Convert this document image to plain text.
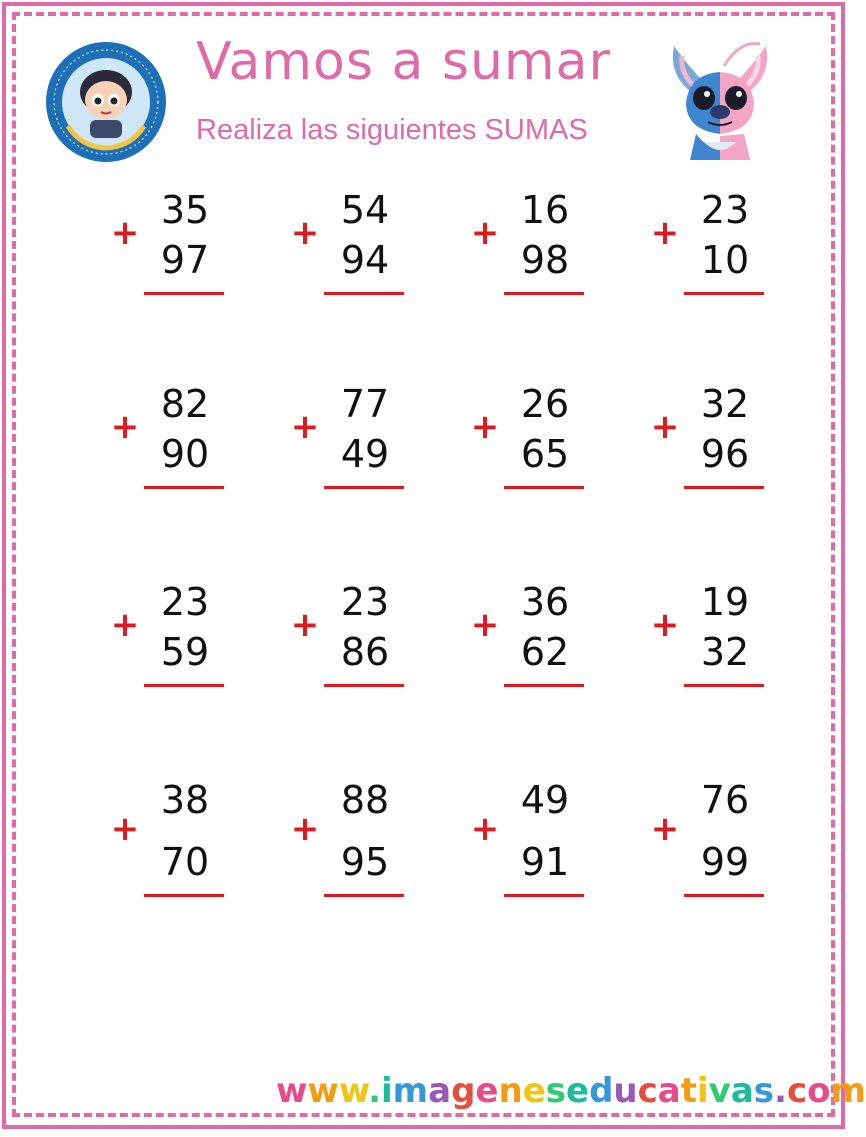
Vamos a sumar
Realiza las siguientes SUMAS
+
35
97
+
54
94
+
16
98
+
23
10
+
82
90
+
77
49
+
26
65
+
32
96
+
23
59
+
23
86
+
36
62
+
19
32
+
38
70
+
88
95
+
49
91
+
76
99
www.imageneseducativas.com
